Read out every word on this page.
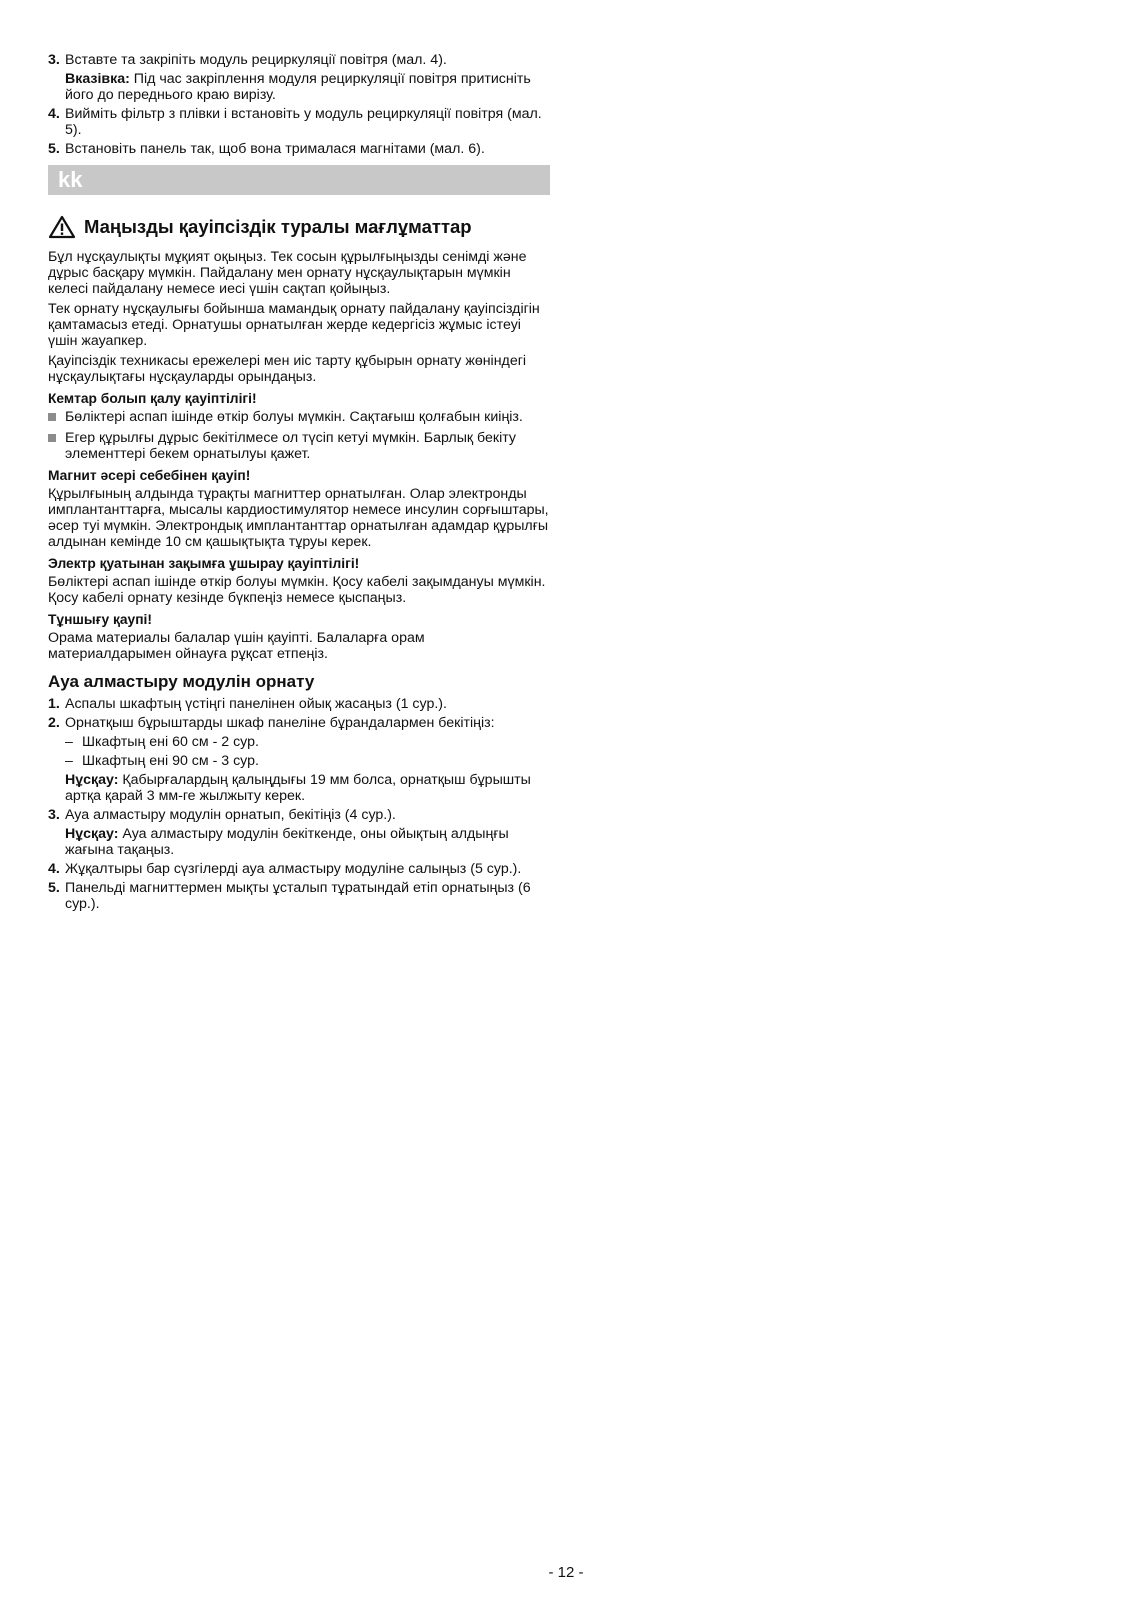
3. Вставте та закріпіть модуль рециркуляції повітря (мал. 4).
Вказівка: Під час закріплення модуля рециркуляції повітря притисніть його до переднього краю вирізу.
4. Вийміть фільтр з плівки і встановіть у модуль рециркуляції повітря (мал. 5).
5. Встановіть панель так, щоб вона трималася магнітами (мал. 6).
kk
Маңызды қауіпсіздік туралы мағлұматтар

Бұл нұсқаулықты мұқият оқыңыз. Тек сосын құрылғыңызды сенімді және дұрыс басқару мүмкін. Пайдалану мен орнату нұсқаулықтарын мүмкін келесі пайдалану немесе иесі үшін сақтап қойыңыз.

Тек орнату нұсқаулығы бойынша мамандық орнату пайдалану қауіпсіздігін қамтамасыз етеді. Орнатушы орнатылған жерде кедергісіз жұмыс істеуі үшін жауапкер.

Қауіпсіздік техникасы ережелері мен иіс тарту құбырын орнату жөніндегі нұсқаулықтағы нұсқауларды орындаңыз.

Кемтар болып қалу қауіптілігі!
Бөліктері аспап ішінде өткір болуы мүмкін. Сақтағыш қолғабын киіңіз.
Егер құрылғы дұрыс бекітілмесе ол түсіп кетуі мүмкін. Барлық бекіту элементтері бекем орнатылуы қажет.
Магнит әсері себебінен қауіп!

Құрылғының алдында тұрақты магниттер орнатылған. Олар электронды имплантанттарға, мысалы кардиостимулятор немесе инсулин сорғыштары, әсер туі мүмкін. Электрондық имплантанттар орнатылған адамдар құрылғы алдынан кемінде 10 см қашықтықта тұруы керек.

Электр қуатынан зақымға ұшырау қауіптілігі!

Бөліктері аспап ішінде өткір болуы мүмкін. Қосу кабелі зақымдануы мүмкін. Қосу кабелі орнату кезінде бүкпеңіз немесе қыспаңыз.

Тұншығу қаупі!

Орама материалы балалар үшін қауіпті. Балаларға орам материалдарымен ойнауға рұқсат етпеңіз.

Ауа алмастыру модулін орнату
1. Аспалы шкафтың үстіңгі панелінен ойық жасаңыз (1 сур.).
2. Орнатқыш бұрыштарды шкаф панеліне бұрандалармен бекітіңіз:
– Шкафтың ені 60 см - 2 сур.
– Шкафтың ені 90 см - 3 сур.
Нұсқау: Қабырғалардың қалыңдығы 19 мм болса, орнатқыш бұрышты артқа қарай 3 мм-ге жылжыту керек.
3. Ауа алмастыру модулін орнатып, бекітіңіз (4 сур.).
Нұсқау: Ауа алмастыру модулін бекіткенде, оны ойықтың алдыңғы жағына тақаңыз.
4. Жұқалтыры бар сүзгілерді ауа алмастыру модуліне салыңыз (5 сур.).
5. Панельді магниттермен мықты ұсталып тұратындай етіп орнатыңыз (6 сур.).
- 12 -
